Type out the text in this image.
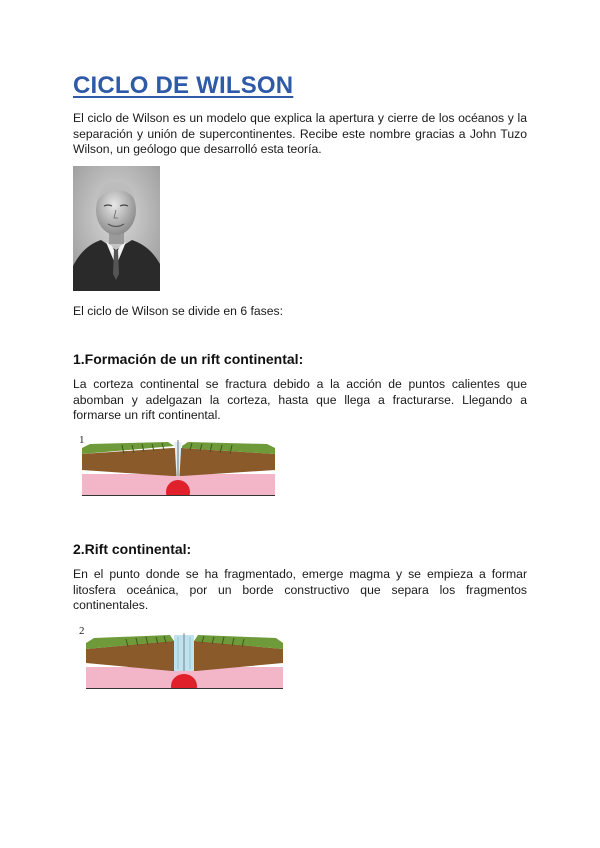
CICLO DE WILSON

El ciclo de Wilson es un modelo que explica la apertura y cierre de los océanos y la separación y unión de supercontinentes. Recibe este nombre gracias a John Tuzo Wilson, un geólogo que desarrolló esta teoría.

El ciclo de Wilson se divide en 6 fases:

1.Formación de un rift continental:

La corteza continental se fractura debido a la acción de puntos calientes que abomban y adelgazan la corteza, hasta que llega a fracturarse. Llegando a formarse un rift continental.

1
2.Rift continental:

En el punto donde se ha fragmentado, emerge magma y se empieza a formar litosfera oceánica, por un borde constructivo que separa los fragmentos continentales.

2
